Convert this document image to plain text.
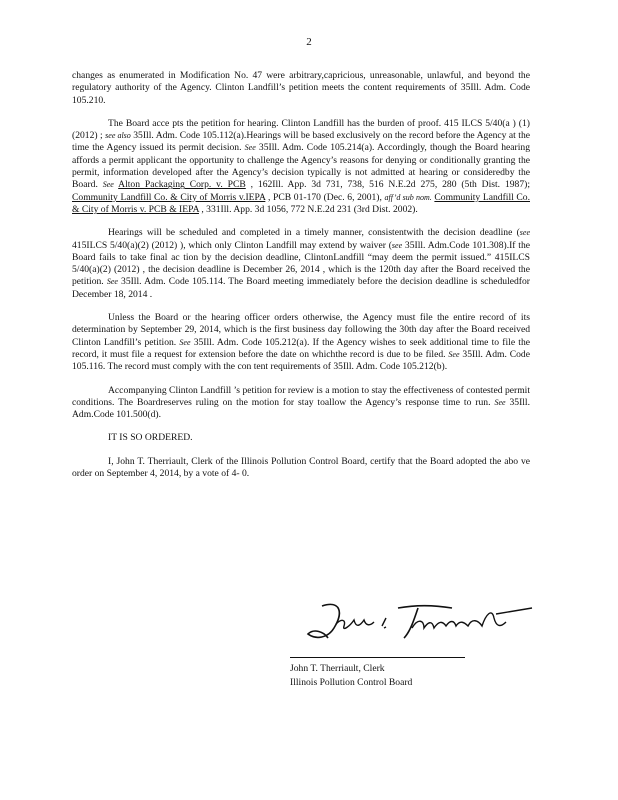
2

changes as enumerated in Modification No. 47 were arbitrary,capricious, unreasonable, unlawful, and beyond the regulatory authority of the Agency. Clinton Landfill’s petition meets the content requirements of 35Ill. Adm. Code 105.210.

The Board acce pts the petition for hearing. Clinton Landfill has the burden of proof. 415 ILCS 5/40(a ) (1)(2012) ; see also 35Ill. Adm. Code 105.112(a).Hearings will be based exclusively on the record before the Agency at the time the Agency issued its permit decision. See 35Ill. Adm. Code 105.214(a). Accordingly, though the Board hearing affords a permit applicant the opportunity to challenge the Agency’s reasons for denying or conditionally granting the permit, information developed after the Agency’s decision typically is not admitted at hearing or consideredby the Board. See Alton Packaging Corp. v. PCB , 162Ill. App. 3d 731, 738, 516 N.E.2d 275, 280 (5th Dist. 1987); Community Landfill Co. & City of Morris v.IEPA , PCB 01-170 (Dec. 6, 2001), aff’d sub nom. Community Landfill Co. & City of Morris v. PCB & IEPA , 331Ill. App. 3d 1056, 772 N.E.2d 231 (3rd Dist. 2002).

Hearings will be scheduled and completed in a timely manner, consistentwith the decision deadline (see 415ILCS 5/40(a)(2) (2012) ), which only Clinton Landfill may extend by waiver (see 35Ill. Adm.Code 101.308).If the Board fails to take final ac tion by the decision deadline, ClintonLandfill “may deem the permit issued.” 415ILCS 5/40(a)(2) (2012) , the decision deadline is December 26, 2014 , which is the 120th day after the Board received the petition. See 35Ill. Adm. Code 105.114. The Board meeting immediately before the decision deadline is scheduledfor December 18, 2014 .

Unless the Board or the hearing officer orders otherwise, the Agency must file the entire record of its determination by September 29, 2014, which is the first business day following the 30th day after the Board received Clinton Landfill’s petition. See 35Ill. Adm. Code 105.212(a). If the Agency wishes to seek additional time to file the record, it must file a request for extension before the date on whichthe record is due to be filed. See 35Ill. Adm. Code 105.116. The record must comply with the con tent requirements of 35Ill. Adm. Code 105.212(b).

Accompanying Clinton Landfill ’s petition for review is a motion to stay the effectiveness of contested permit conditions. The Boardreserves ruling on the motion for stay toallow the Agency’s response time to run. See 35Ill. Adm.Code 101.500(d).

IT IS SO ORDERED.

I, John T. Therriault, Clerk of the Illinois Pollution Control Board, certify that the Board adopted the abo ve order on September 4, 2014, by a vote of 4- 0.

John T. Therriault, Clerk
Illinois Pollution Control Board
